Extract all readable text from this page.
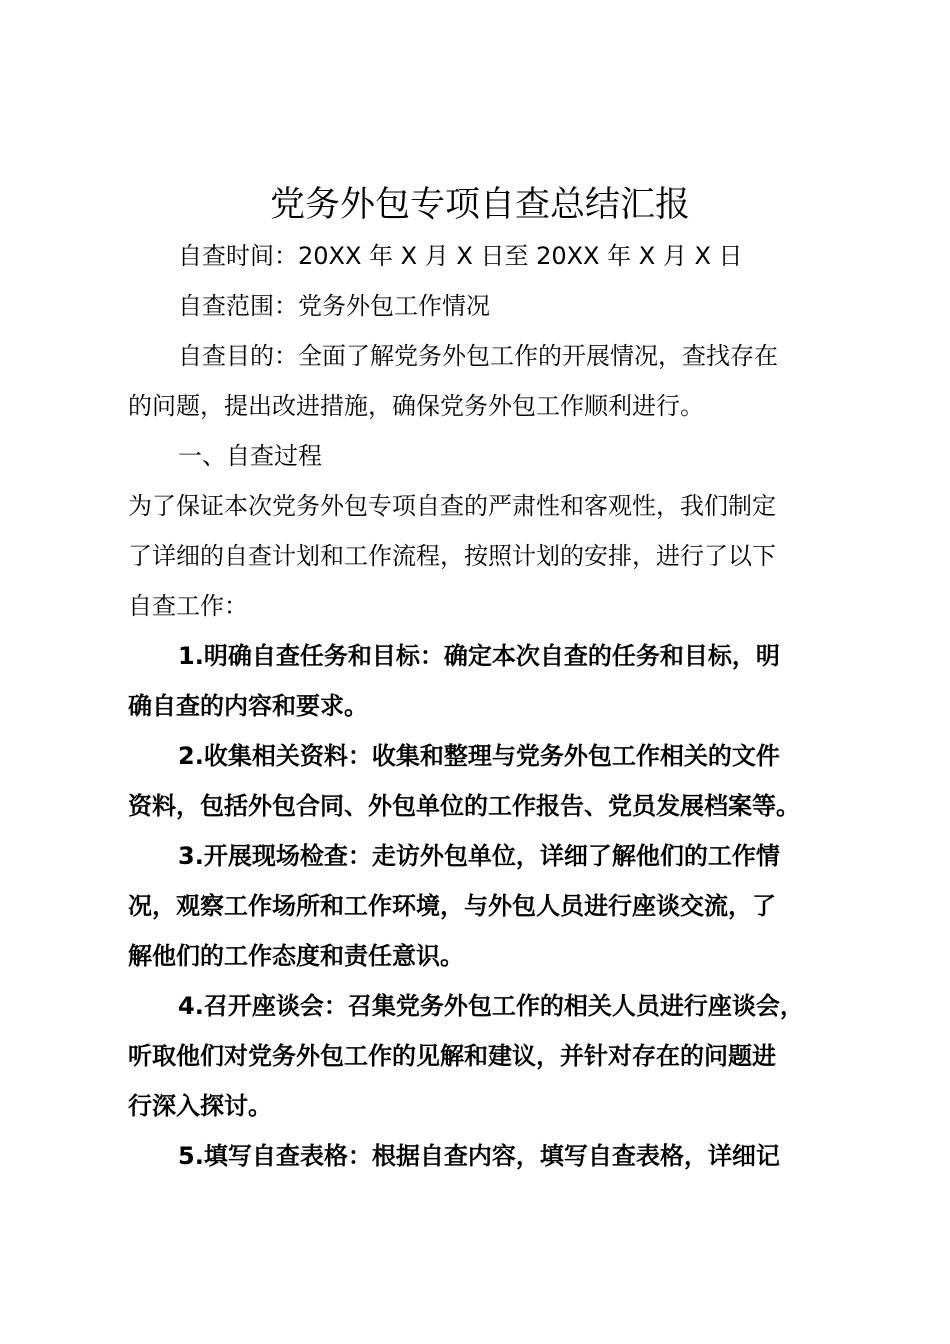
党务外包专项自查总结汇报
自查时间：20XX 年 X 月 X 日至 20XX 年 X 月 X 日
自查范围：党务外包工作情况
自查目的：全面了解党务外包工作的开展情况，查找存在
的问题，提出改进措施，确保党务外包工作顺利进行。
一、自查过程
为了保证本次党务外包专项自查的严肃性和客观性，我们制定
了详细的自查计划和工作流程，按照计划的安排，进行了以下
自查工作：
1.明确自查任务和目标：确定本次自查的任务和目标，明
确自查的内容和要求。
2.收集相关资料：收集和整理与党务外包工作相关的文件
资料，包括外包合同、外包单位的工作报告、党员发展档案等。
3.开展现场检查：走访外包单位，详细了解他们的工作情
况，观察工作场所和工作环境，与外包人员进行座谈交流，了
解他们的工作态度和责任意识。
4.召开座谈会：召集党务外包工作的相关人员进行座谈会，
听取他们对党务外包工作的见解和建议，并针对存在的问题进
行深入探讨。
5.填写自查表格：根据自查内容，填写自查表格，详细记
